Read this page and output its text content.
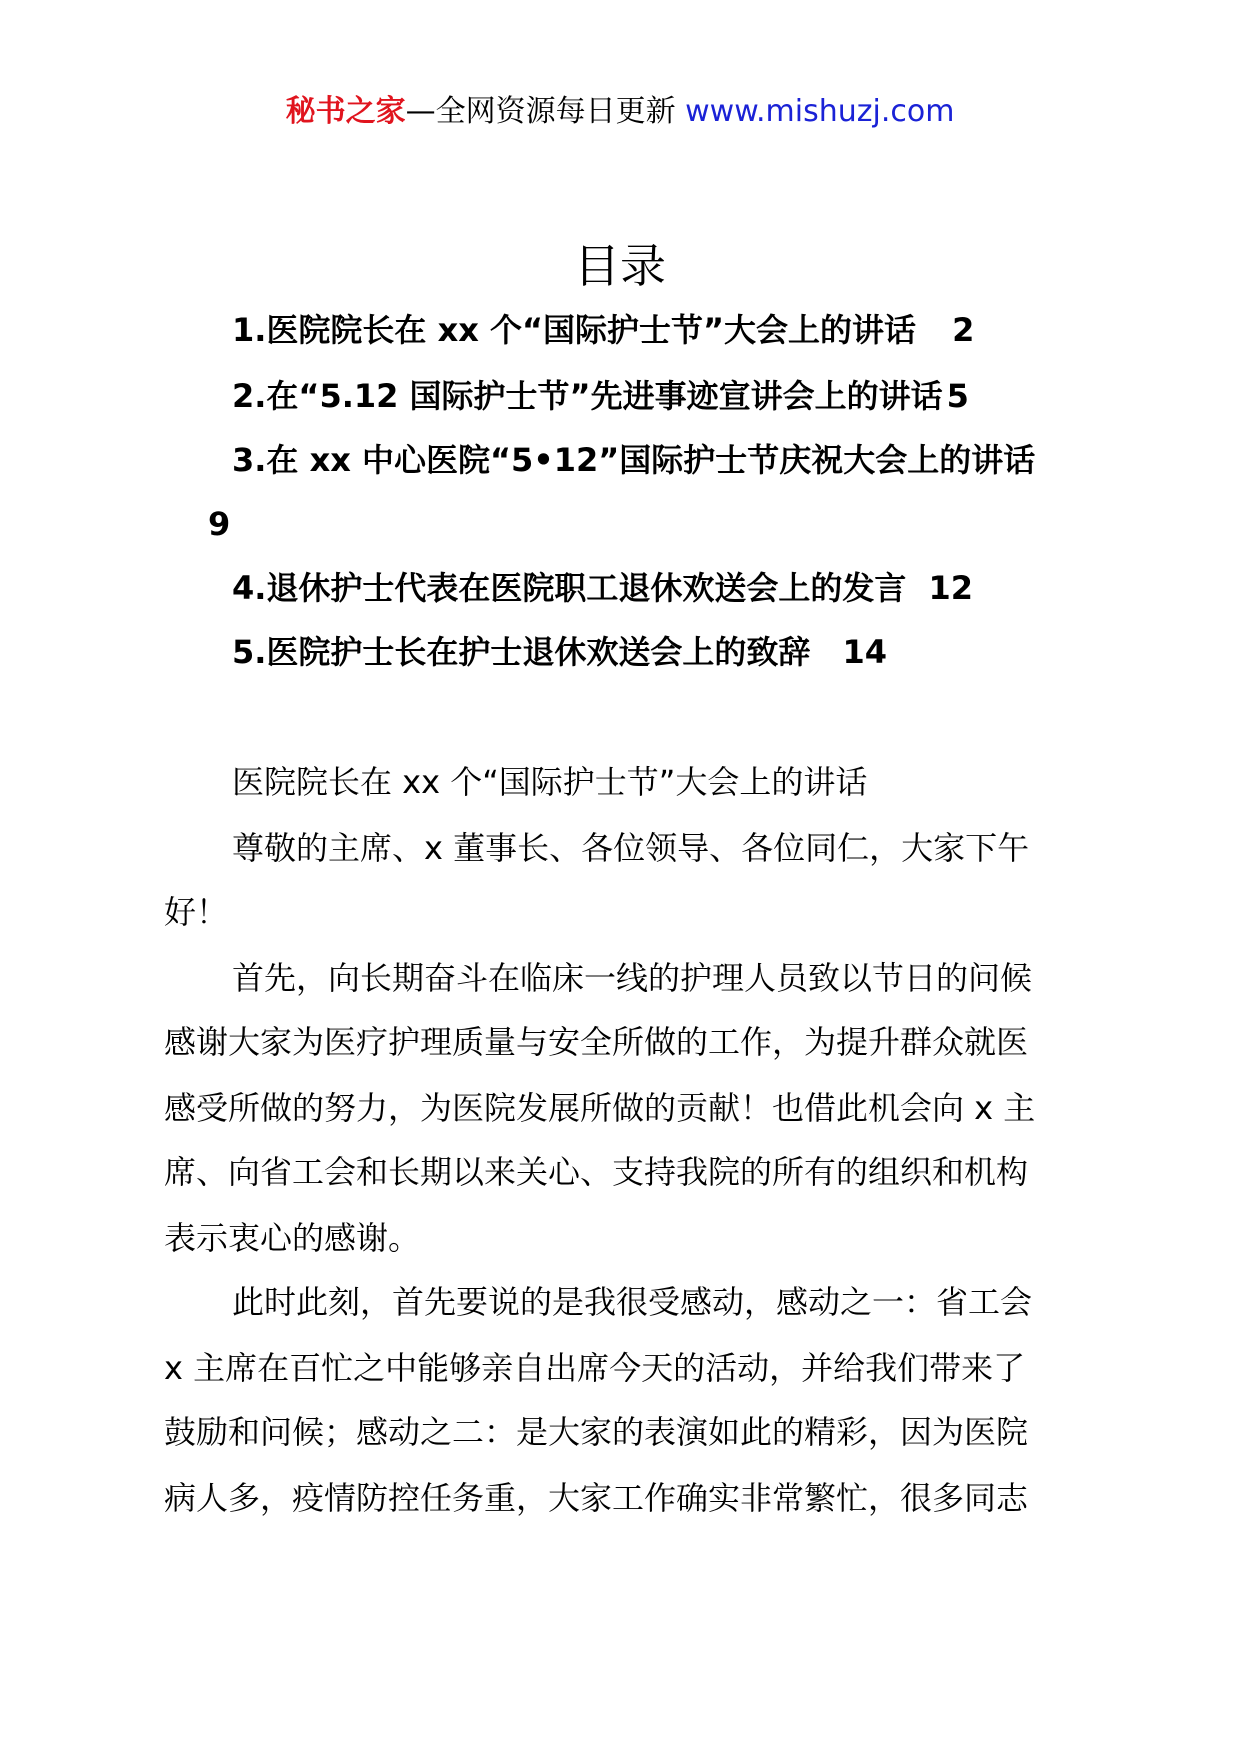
秘书之家—全网资源每日更新 www.mishuzj.com
目录
1.医院院长在 xx 个“国际护士节”大会上的讲话 2
2.在“5.12 国际护士节”先进事迹宣讲会上的讲话 5
3.在 xx 中心医院“5•12”国际护士节庆祝大会上的讲话
9
4.退休护士代表在医院职工退休欢送会上的发言 12
5.医院护士长在护士退休欢送会上的致辞 14
医院院长在 xx 个“国际护士节”大会上的讲话
尊敬的主席、x 董事长、各位领导、各位同仁，大家下午
好！
首先，向长期奋斗在临床一线的护理人员致以节日的问候
感谢大家为医疗护理质量与安全所做的工作，为提升群众就医
感受所做的努力，为医院发展所做的贡献！也借此机会向 x 主
席、向省工会和长期以来关心、支持我院的所有的组织和机构
表示衷心的感谢。
此时此刻，首先要说的是我很受感动，感动之一：省工会
x 主席在百忙之中能够亲自出席今天的活动，并给我们带来了
鼓励和问候；感动之二：是大家的表演如此的精彩，因为医院
病人多，疫情防控任务重，大家工作确实非常繁忙，很多同志
